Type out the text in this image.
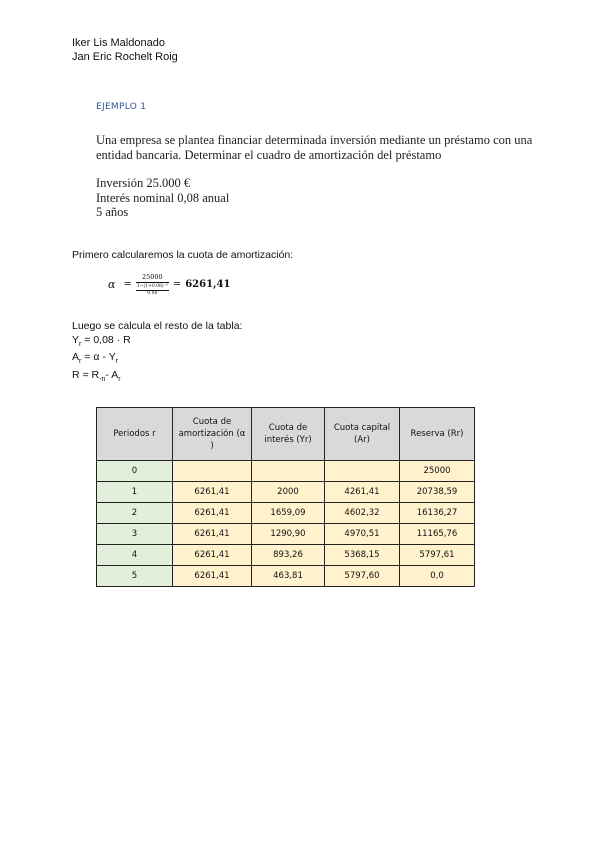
Iker Lis Maldonado
Jan Eric Rochelt Roig
EJEMPLO 1
Una empresa se plantea financiar determinada inversión mediante un préstamo con una entidad bancaria. Determinar el cuadro de amortización del préstamo
Inversión 25.000 €
Interés nominal 0,08 anual
5 años
Primero calcularemos la cuota de amortización:
$\alpha = \frac{25000}{\frac{\text{1−(1+0.08)⁻⁵}}{0.08}} = 6261,41$
Luego se calcula el resto de la tabla:
$Y_r = 0,08 \cdot R$
$A_r = \alpha - Y_r$
$R = R_{-n}-$ $A_r$
Periodos r	Cuota de amortización (α )	Cuota de interés (Yr)	Cuota capital (Ar)	Reserva (Rr)
0				25000
1	6261,41	2000	4261,41	20738,59
2	6261,41	1659,09	4602,32	16136,27
3	6261,41	1290,90	4970,51	11165,76
4	6261,41	893,26	5368,15	5797,61
5	6261,41	463,81	5797,60	0,0
